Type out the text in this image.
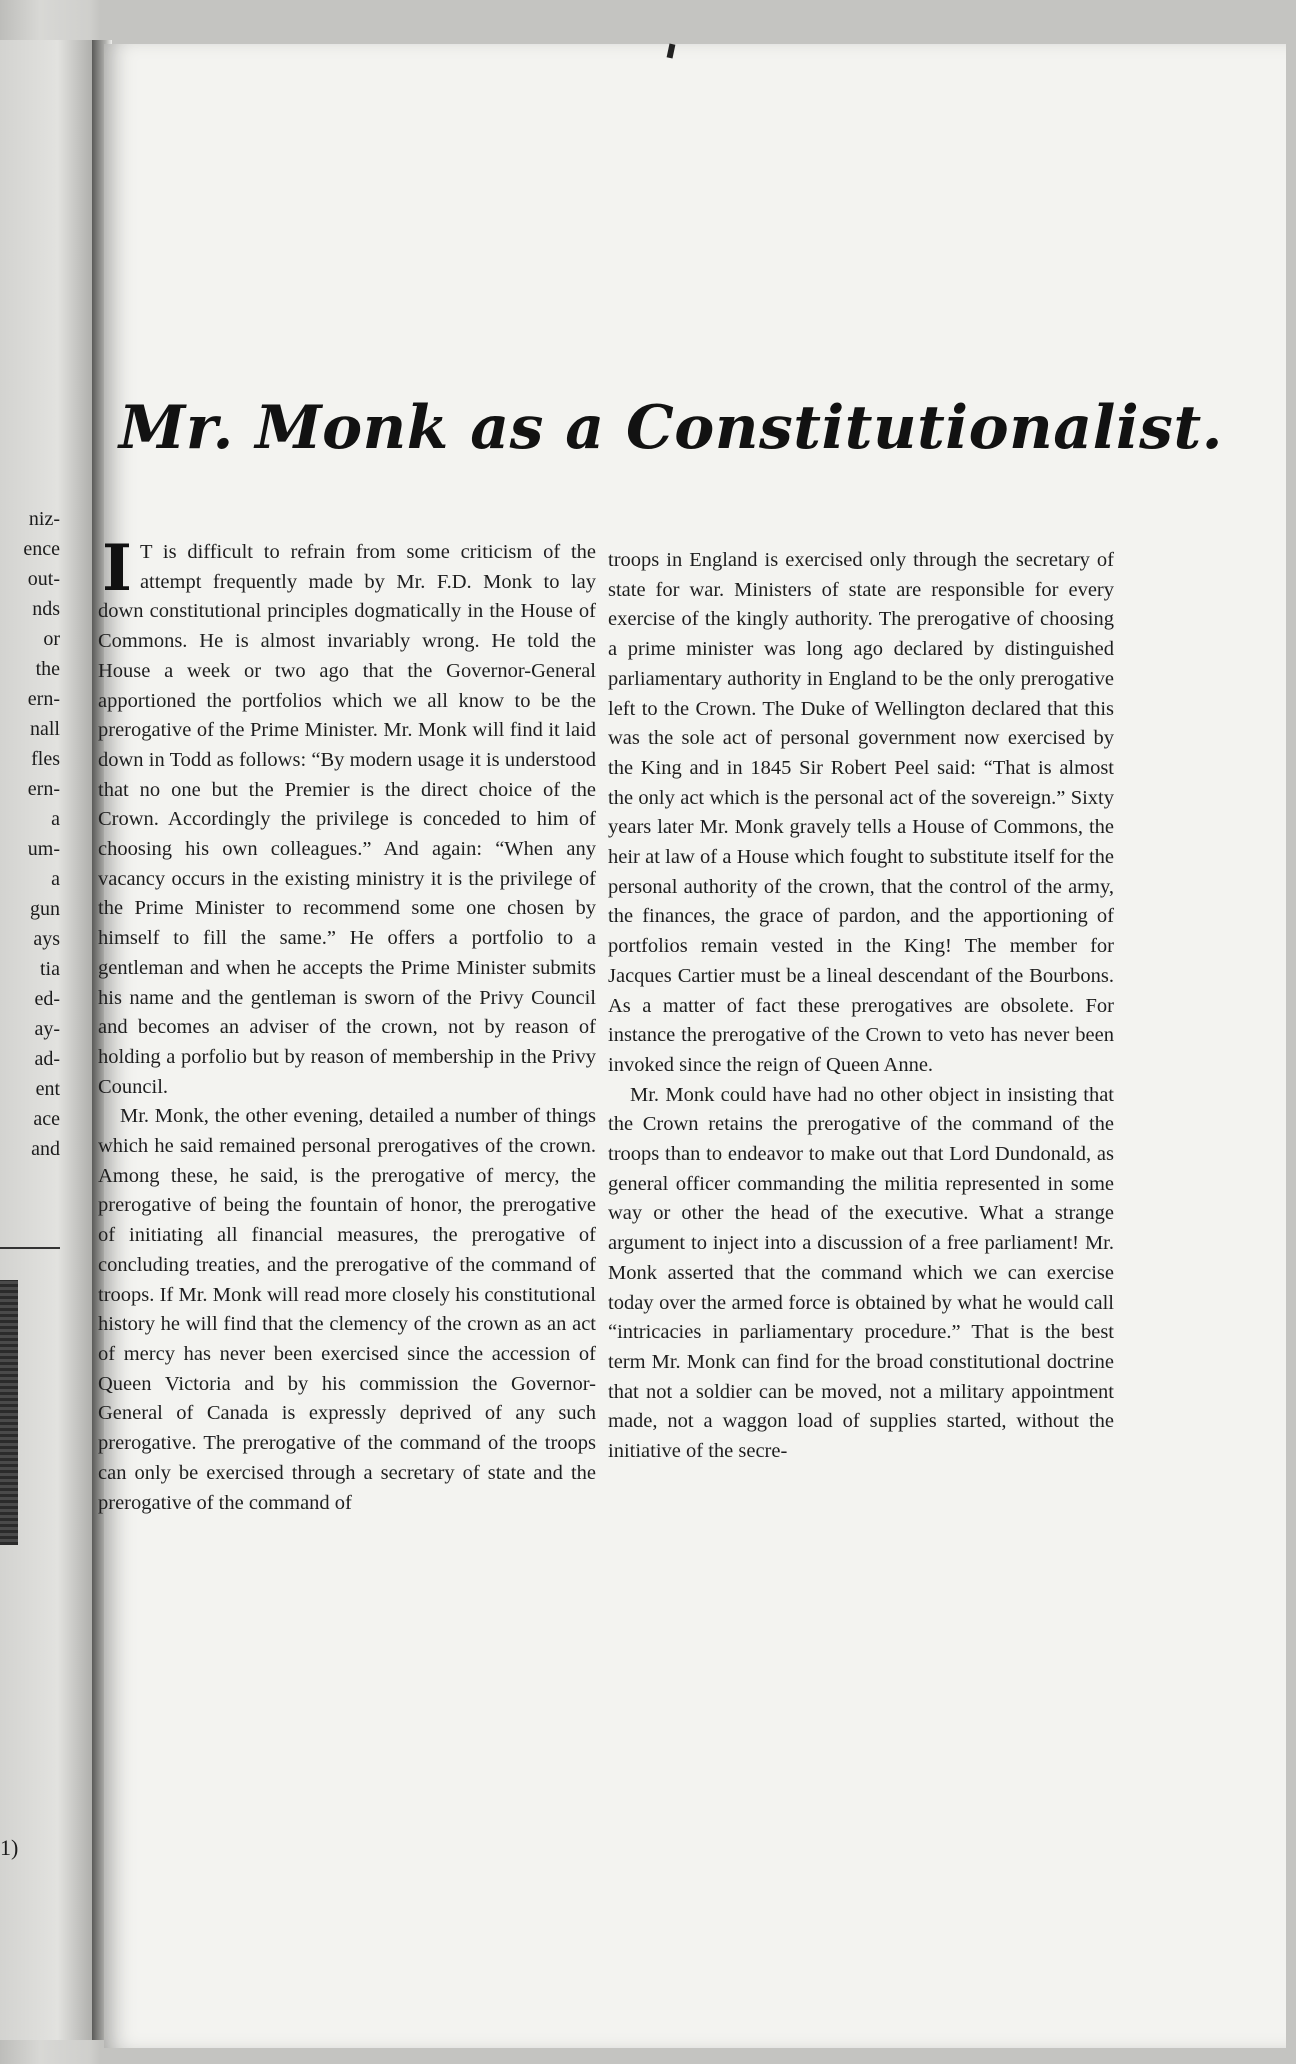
niz-
ence
out-
nds
or
the
ern-
nall
fles
ern-
a
um-
a
gun
ays
tia
ed-
ay-
ad-
ent
ace
and
1)
Mr. Monk as a Constitutionalist.

I T is difficult to refrain from some criticism of the attempt frequently made by Mr. F.D. Monk to lay down constitutional principles dogmatically in the House of Commons. He is almost invariably wrong. He told the House a week or two ago that the Governor-General apportioned the portfolios which we all know to be the prerogative of the Prime Minister. Mr. Monk will find it laid down in Todd as follows: “By modern usage it is understood that no one but the Premier is the direct choice of the Crown. Accordingly the privilege is conceded to him of choosing his own colleagues.” And again: “When any vacancy occurs in the existing ministry it is the privilege of the Prime Minister to recommend some one chosen by himself to fill the same.” He offers a portfolio to a gentleman and when he accepts the Prime Minister submits his name and the gentleman is sworn of the Privy Council and becomes an adviser of the crown, not by reason of holding a porfolio but by reason of membership in the Privy Council.

Mr. Monk, the other evening, detailed a number of things which he said remained personal prerogatives of the crown. Among these, he said, is the prerogative of mercy, the prerogative of being the fountain of honor, the prerogative of initiating all financial measures, the prerogative of concluding treaties, and the prerogative of the command of troops. If Mr. Monk will read more closely his constitutional history he will find that the clemency of the crown as an act of mercy has never been exercised since the accession of Queen Victoria and by his commission the Governor-General of Canada is expressly deprived of any such prerogative. The prerogative of the command of the troops can only be exercised through a secretary of state and the prerogative of the command of

troops in England is exercised only through the secretary of state for war. Ministers of state are responsible for every exercise of the kingly authority. The prerogative of choosing a prime minister was long ago declared by distinguished parliamentary authority in England to be the only prerogative left to the Crown. The Duke of Wellington declared that this was the sole act of personal government now exercised by the King and in 1845 Sir Robert Peel said: “That is almost the only act which is the personal act of the sovereign.” Sixty years later Mr. Monk gravely tells a House of Commons, the heir at law of a House which fought to substitute itself for the personal authority of the crown, that the control of the army, the finances, the grace of pardon, and the apportioning of portfolios remain vested in the King! The member for Jacques Cartier must be a lineal descendant of the Bourbons. As a matter of fact these prerogatives are obsolete. For instance the prerogative of the Crown to veto has never been invoked since the reign of Queen Anne.

Mr. Monk could have had no other object in insisting that the Crown retains the prerogative of the command of the troops than to endeavor to make out that Lord Dundonald, as general officer commanding the militia represented in some way or other the head of the executive. What a strange argument to inject into a discussion of a free parliament! Mr. Monk asserted that the command which we can exercise today over the armed force is obtained by what he would call “intricacies in parliamentary procedure.” That is the best term Mr. Monk can find for the broad constitutional doctrine that not a soldier can be moved, not a military appointment made, not a waggon load of supplies started, without the initiative of the secre-
